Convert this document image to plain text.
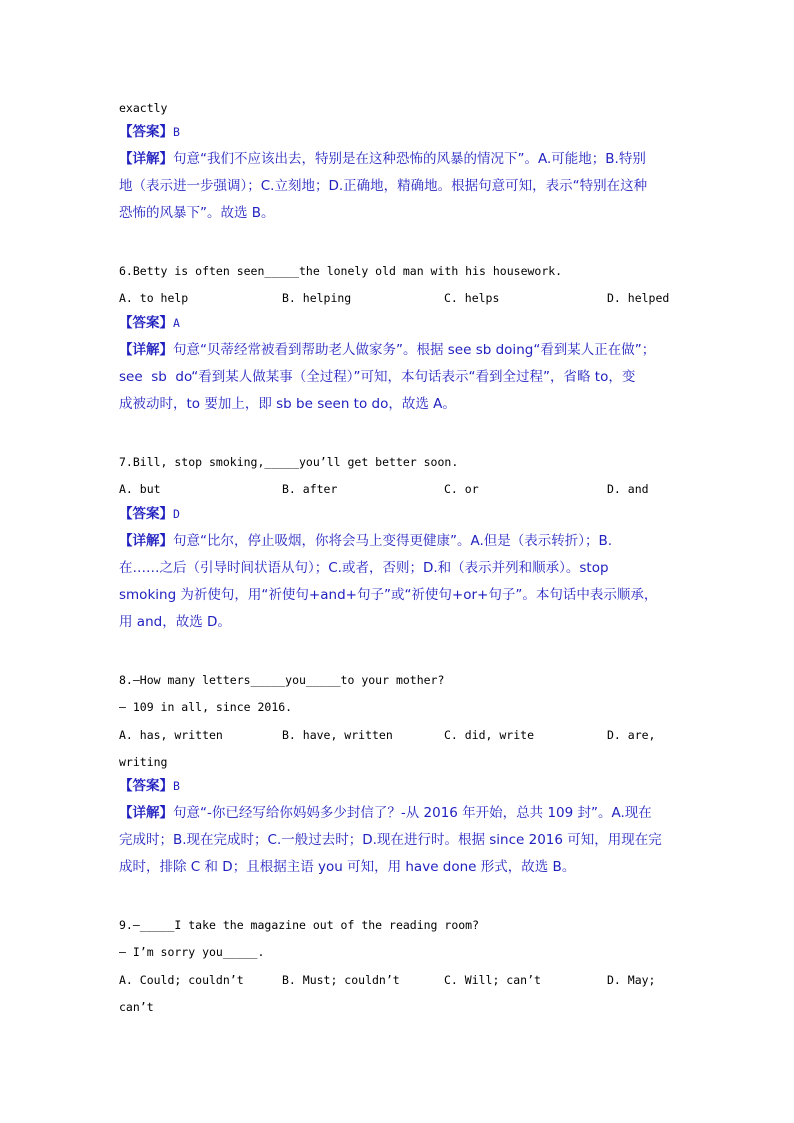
exactly
【答案】B
【详解】句意“我们不应该出去，特别是在这种恐怖的风暴的情况下”。A.可能地；B.特别
地（表示进一步强调）；C.立刻地；D.正确地，精确地。根据句意可知，表示“特别在这种
恐怖的风暴下”。故选 B。
6.Betty is often seen_____the lonely old man with his housework.
A. to help	B. helping	C. helps	D. helped
【答案】A
【详解】句意“贝蒂经常被看到帮助老人做家务”。根据 see sb doing“看到某人正在做”；
see  sb  do“看到某人做某事（全过程）”可知，本句话表示“看到全过程”，省略 to，变
成被动时，to 要加上，即 sb be seen to do，故选 A。
7.Bill, stop smoking,_____you’ll get better soon.
A. but	B. after	C. or	D. and
【答案】D
【详解】句意“比尔，停止吸烟，你将会马上变得更健康”。A.但是（表示转折）；B.
在……之后（引导时间状语从句）；C.或者，否则；D.和（表示并列和顺承）。stop
smoking 为祈使句，用“祈使句+and+句子”或“祈使句+or+句子”。本句话中表示顺承，
用 and，故选 D。
8.—How many letters_____you_____to your mother?
— 109 in all, since 2016.
A. has, written	B. have, written	C. did, write	D. are,
writing
【答案】B
【详解】句意“-你已经写给你妈妈多少封信了？-从 2016 年开始，总共 109 封”。A.现在
完成时；B.现在完成时；C.一般过去时；D.现在进行时。根据 since 2016 可知，用现在完
成时，排除 C 和 D；且根据主语 you 可知，用 have done 形式，故选 B。
9.—_____I take the magazine out of the reading room?
— I’m sorry you_____.
A. Could; couldn’t	B. Must; couldn’t	C. Will; can’t	D. May;
can’t
